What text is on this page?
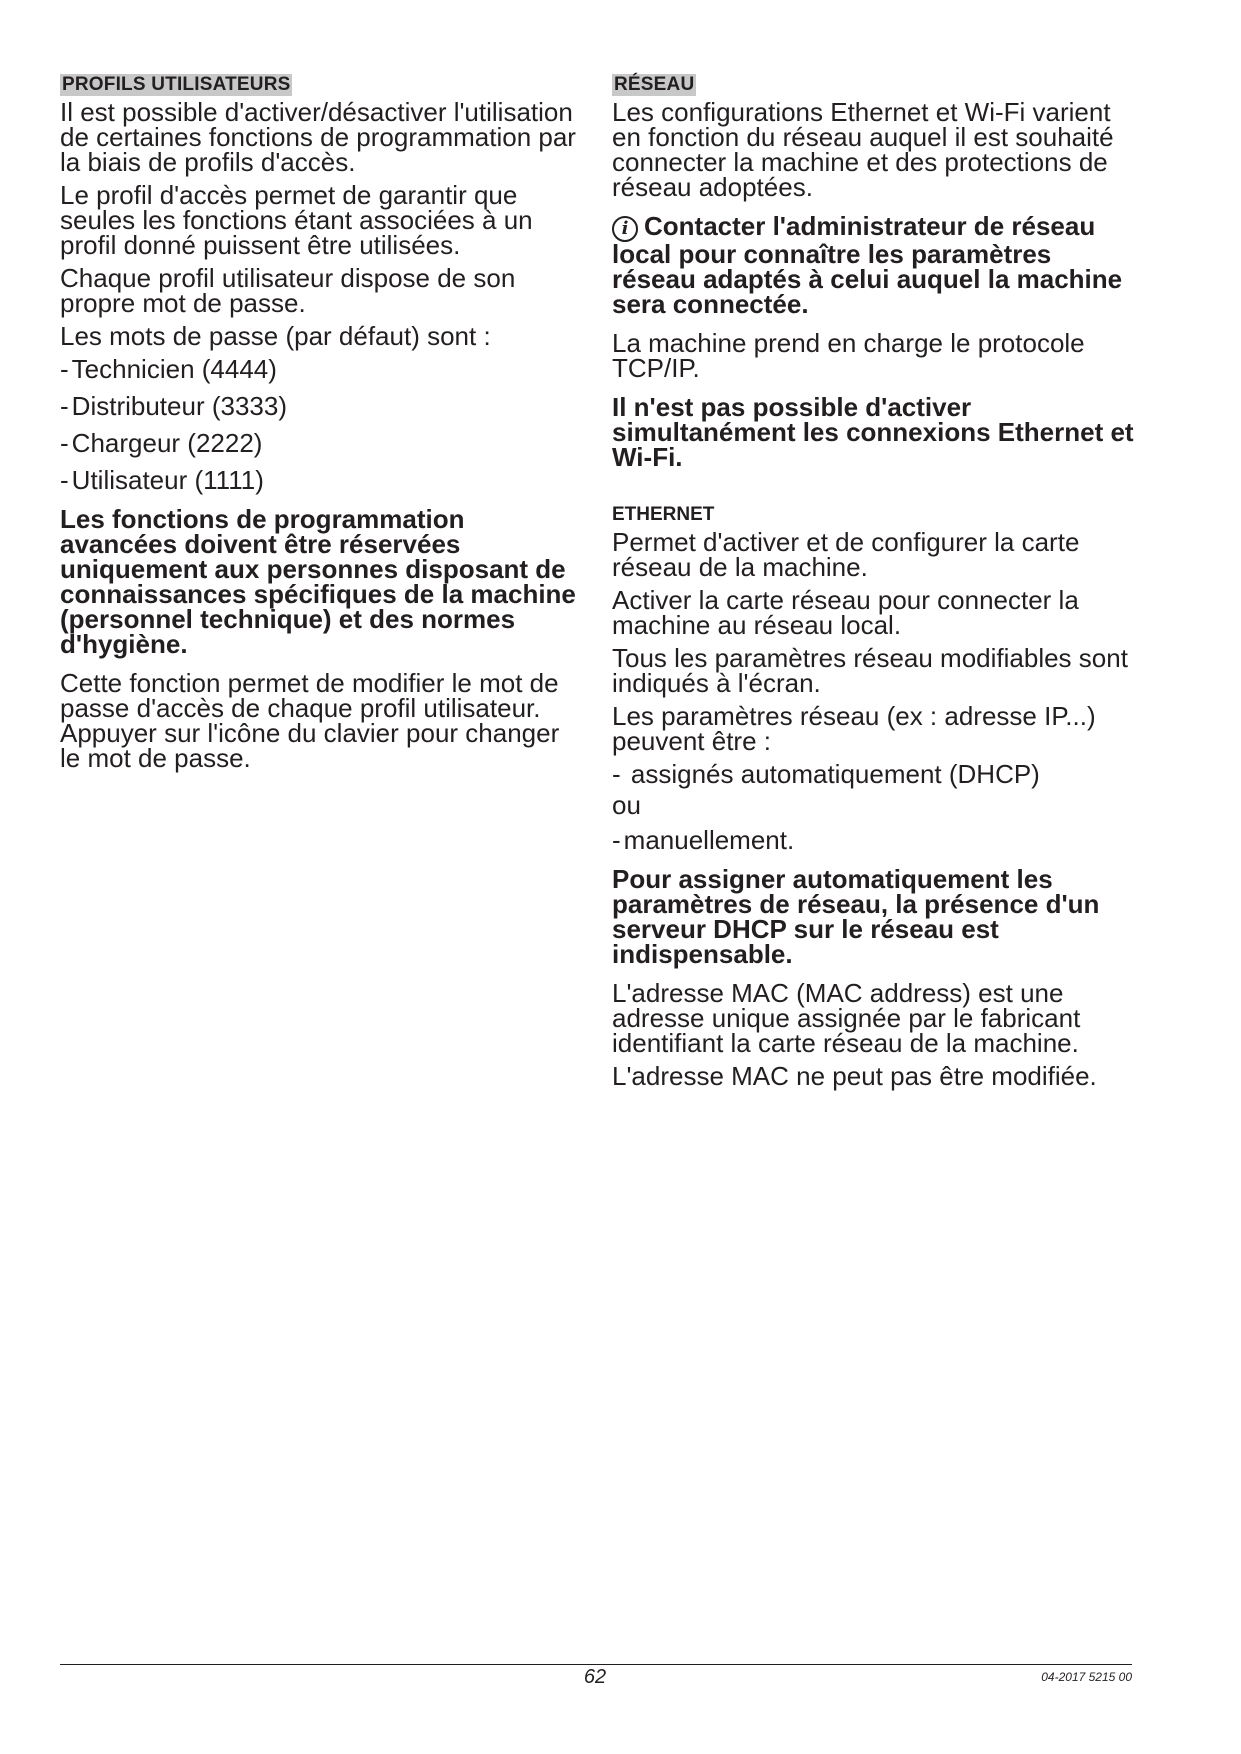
PROFILS UTILISATEURS

Il est possible d'activer/désactiver l'utilisation de certaines fonctions de programmation par la biais de profils d'accès.

Le profil d'accès permet de garantir que seules les fonctions étant associées à un profil donné puissent être utilisées.

Chaque profil utilisateur dispose de son propre mot de passe.

Les mots de passe (par défaut) sont :

- Technicien (4444)
- Distributeur (3333)
- Chargeur (2222)
- Utilisateur (1111)

Les fonctions de programmation avancées doivent être réservées uniquement aux personnes disposant de connaissances spécifiques de la machine (personnel technique) et des normes d'hygiène.

Cette fonction permet de modifier le mot de passe d'accès de chaque profil utilisateur. Appuyer sur l'icône du clavier pour changer le mot de passe.

RÉSEAU

Les configurations Ethernet et Wi-Fi varient en fonction du réseau auquel il est souhaité connecter la machine et des protections de réseau adoptées.

i Contacter l'administrateur de réseau local pour connaître les paramètres réseau adaptés à celui auquel la machine sera connectée.

La machine prend en charge le protocole TCP/IP.

Il n'est pas possible d'activer simultanément les connexions Ethernet et Wi-Fi.

ETHERNET

Permet d'activer et de configurer la carte réseau de la machine.

Activer la carte réseau pour connecter la machine au réseau local.

Tous les paramètres réseau modifiables sont indiqués à l'écran.

Les paramètres réseau (ex : adresse IP...) peuvent être :

- assignés automatiquement (DHCP)
ou
- manuellement.

Pour assigner automatiquement les paramètres de réseau, la présence d'un serveur DHCP sur le réseau est indispensable.

L'adresse MAC (MAC address) est une adresse unique assignée par le fabricant identifiant la carte réseau de la machine.

L'adresse MAC ne peut pas être modifiée.

62	04-2017 5215 00
